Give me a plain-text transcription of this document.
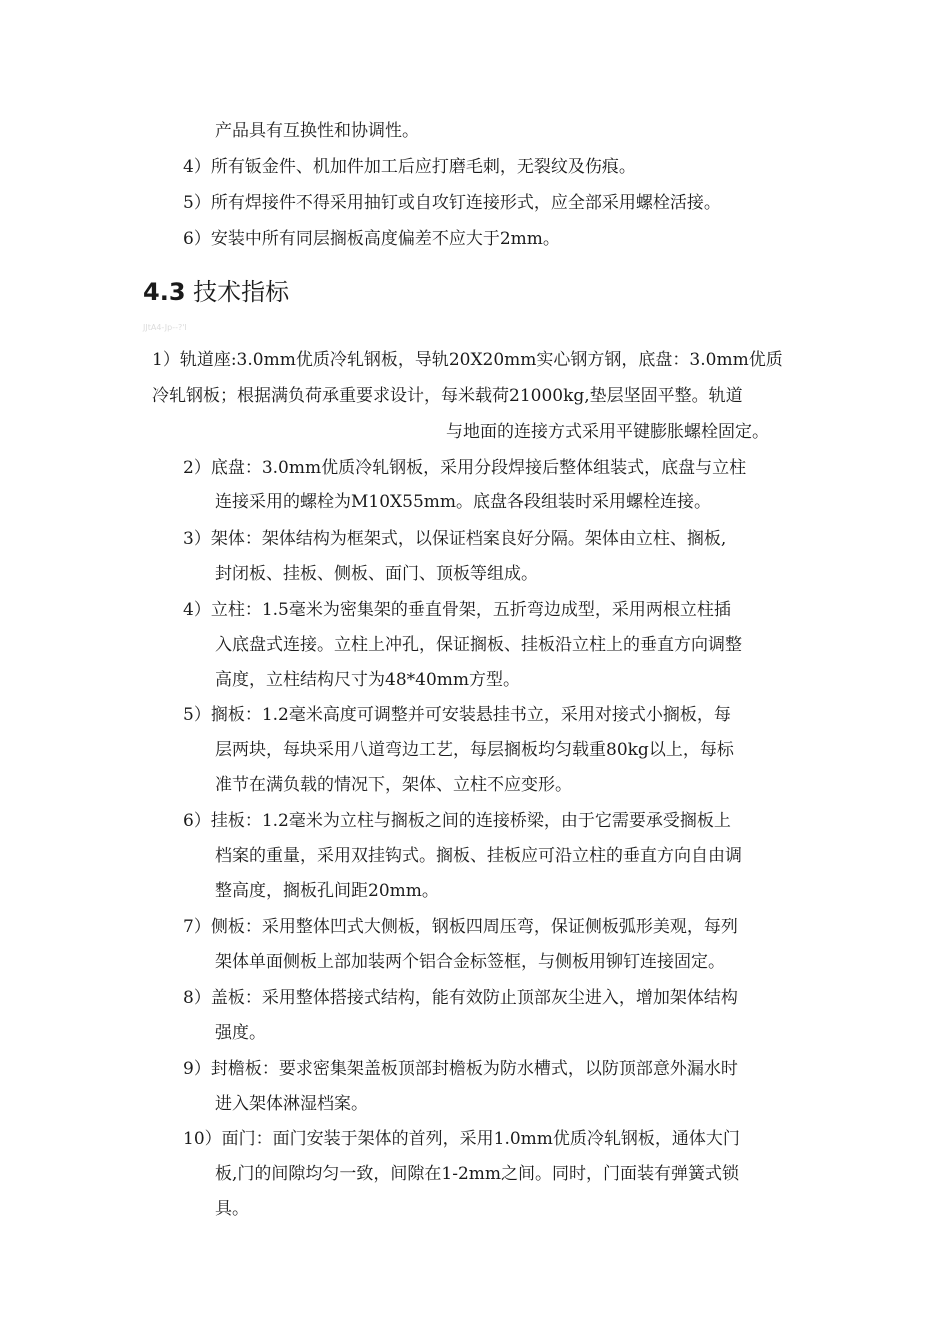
产品具有互换性和协调性。
4）所有钣金件、机加件加工后应打磨毛刺，无裂纹及伤痕。
5）所有焊接件不得采用抽钉或自攻钉连接形式，应全部采用螺栓活接。
6）安装中所有同层搁板高度偏差不应大于2mm。
4.3 技术指标
JJtA4-Jp--?'I
1）轨道座:3.0mm优质冷轧钢板，导轨20X20mm实心钢方钢，底盘：3.0mm优质
冷轧钢板；根据满负荷承重要求设计，每米载荷21000kg,垫层坚固平整。轨道
与地面的连接方式采用平键膨胀螺栓固定。
2）底盘：3.0mm优质冷轧钢板，采用分段焊接后整体组装式，底盘与立柱
连接采用的螺栓为M10X55mm。底盘各段组装时采用螺栓连接。
3）架体：架体结构为框架式，以保证档案良好分隔。架体由立柱、搁板,
封闭板、挂板、侧板、面门、顶板等组成。
4）立柱：1.5毫米为密集架的垂直骨架，五折弯边成型，采用两根立柱插
入底盘式连接。立柱上冲孔，保证搁板、挂板沿立柱上的垂直方向调整
高度，立柱结构尺寸为48*40mm方型。
5）搁板：1.2毫米高度可调整并可安装悬挂书立，采用对接式小搁板，每
层两块，每块采用八道弯边工艺，每层搁板均匀载重80kg以上，每标
准节在满负载的情况下，架体、立柱不应变形。
6）挂板：1.2毫米为立柱与搁板之间的连接桥梁，由于它需要承受搁板上
档案的重量，采用双挂钩式。搁板、挂板应可沿立柱的垂直方向自由调
整高度，搁板孔间距20mm。
7）侧板：采用整体凹式大侧板，钢板四周压弯，保证侧板弧形美观，每列
架体单面侧板上部加装两个铝合金标签框，与侧板用铆钉连接固定。
8）盖板：采用整体搭接式结构，能有效防止顶部灰尘进入，增加架体结构
强度。
9）封檐板：要求密集架盖板顶部封檐板为防水槽式，以防顶部意外漏水时
进入架体淋湿档案。
10）面门：面门安装于架体的首列，采用1.0mm优质冷轧钢板，通体大门
板,门的间隙均匀一致，间隙在1-2mm之间。同时，门面装有弹簧式锁
具。
